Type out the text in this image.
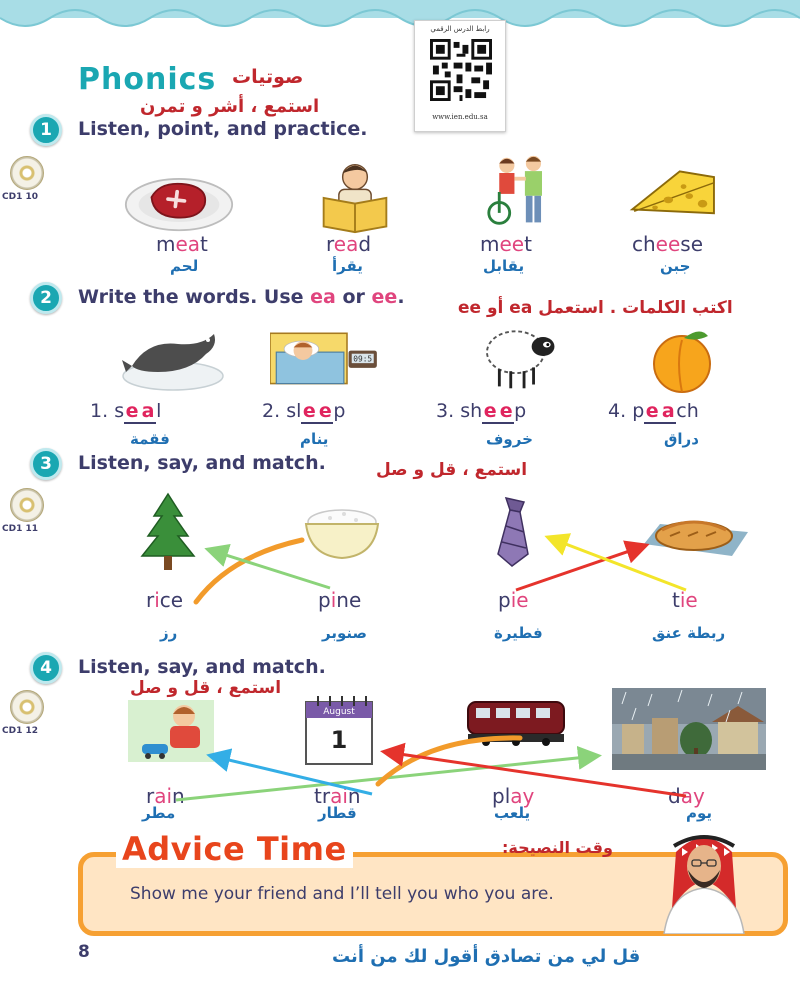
Phonics صوتيات
استمع ، أشر و تمرن
رابط الدرس الرقمي
www.ien.edu.sa
1	Listen, point, and practice.
CD1 10
meat	read	meet	cheese
لحم	يقرأ	يقابل	جبن
2	Write the words. Use ea or ee.	اكتب الكلمات . استعمل ea أو ee
09:5
1. se al	2. sle ep	3. she ep	4. pe ach
فقمة	ينام	خروف	دراق
3	Listen, say, and match.	استمع ، قل و صل
CD1 11
rice	pine	pie	tie
رز	صنوبر	فطيرة	ربطة عنق
4	Listen, say, and match.
استمع ، قل و صل
CD1 12
August
1
rain	train	play	day
مطر	قطار	يلعب	يوم
Advice Time	وقت النصيحة:
Show me your friend and I’ll tell you who you are.
8	قل لي من تصادق أقول لك من أنت
